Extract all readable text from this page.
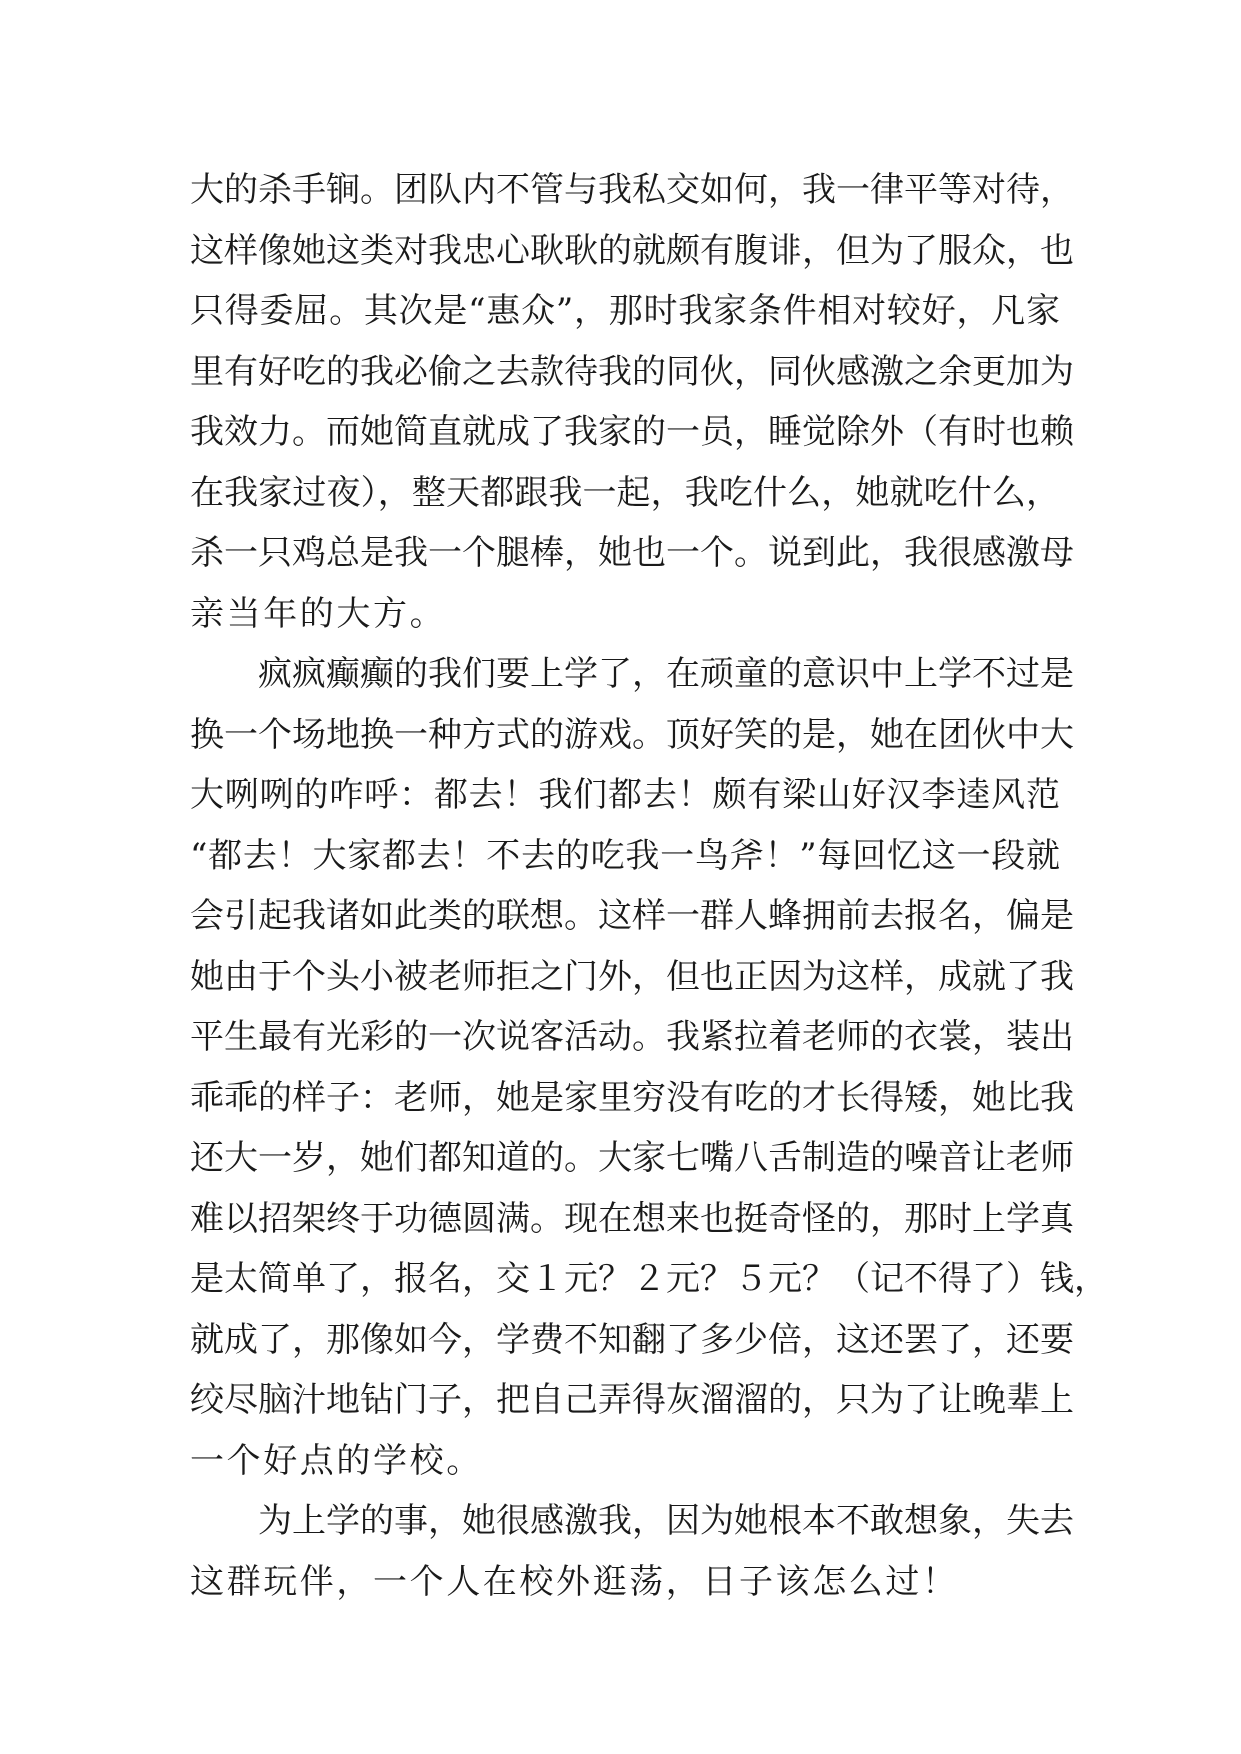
大的杀手锏。团队内不管与我私交如何，我一律平等对待，
这样像她这类对我忠心耿耿的就颇有腹诽，但为了服众，也
只得委屈。其次是“惠众”，那时我家条件相对较好，凡家
里有好吃的我必偷之去款待我的同伙，同伙感激之余更加为
我效力。而她简直就成了我家的一员，睡觉除外（有时也赖
在我家过夜），整天都跟我一起，我吃什么，她就吃什么，
杀一只鸡总是我一个腿棒，她也一个。说到此，我很感激母
亲当年的大方。
疯疯癫癫的我们要上学了，在顽童的意识中上学不过是
换一个场地换一种方式的游戏。顶好笑的是，她在团伙中大
大咧咧的咋呼：都去！我们都去！颇有梁山好汉李逵风范
“都去！大家都去！不去的吃我一鸟斧！”每回忆这一段就
会引起我诸如此类的联想。这样一群人蜂拥前去报名，偏是
她由于个头小被老师拒之门外，但也正因为这样，成就了我
平生最有光彩的一次说客活动。我紧拉着老师的衣裳，装出
乖乖的样子：老师，她是家里穷没有吃的才长得矮，她比我
还大一岁，她们都知道的。大家七嘴八舌制造的噪音让老师
难以招架终于功德圆满。现在想来也挺奇怪的，那时上学真
是太简单了，报名，交１元？２元？５元？（记不得了）钱，
就成了，那像如今，学费不知翻了多少倍，这还罢了，还要
绞尽脑汁地钻门子，把自己弄得灰溜溜的，只为了让晚辈上
一个好点的学校。
为上学的事，她很感激我，因为她根本不敢想象，失去
这群玩伴，一个人在校外逛荡，日子该怎么过！
